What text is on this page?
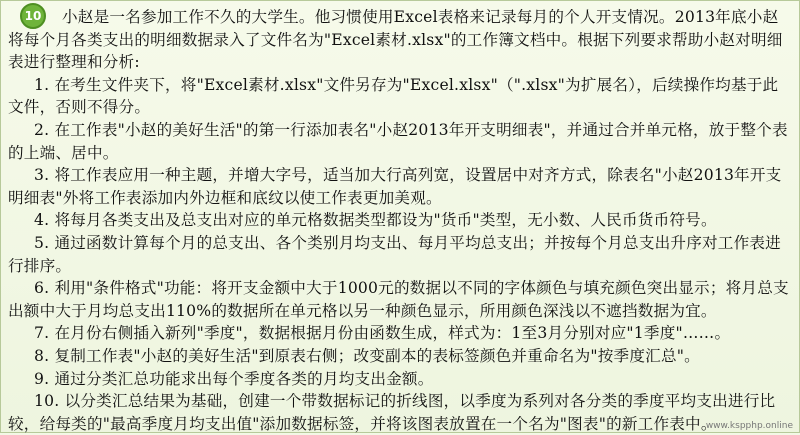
10	小赵是一名参加工作不久的大学生。他习惯使用Excel表格来记录每月的个人开支情况。2013年底小赵将每个月各类支出的明细数据录入了文件名为"Excel素材.xlsx"的工作簿文档中。根据下列要求帮助小赵对明细表进行整理和分析:

1. 在考生文件夹下，将"Excel素材.xlsx"文件另存为"Excel.xlsx"（".xlsx"为扩展名），后续操作均基于此文件，否则不得分。

2. 在工作表"小赵的美好生活"的第一行添加表名"小赵2013年开支明细表"，并通过合并单元格，放于整个表的上端、居中。

3. 将工作表应用一种主题，并增大字号，适当加大行高列宽，设置居中对齐方式，除表名"小赵2013年开支明细表"外将工作表添加内外边框和底纹以使工作表更加美观。

4. 将每月各类支出及总支出对应的单元格数据类型都设为"货币"类型，无小数、人民币货币符号。

5. 通过函数计算每个月的总支出、各个类别月均支出、每月平均总支出；并按每个月总支出升序对工作表进行排序。

6. 利用"条件格式"功能：将开支金额中大于1000元的数据以不同的字体颜色与填充颜色突出显示；将月总支出额中大于月均总支出110%的数据所在单元格以另一种颜色显示，所用颜色深浅以不遮挡数据为宜。

7. 在月份右侧插入新列"季度"，数据根据月份由函数生成，样式为：1至3月分别对应"1季度"……。

8. 复制工作表"小赵的美好生活"到原表右侧；改变副本的表标签颜色并重命名为"按季度汇总"。

9. 通过分类汇总功能求出每个季度各类的月均支出金额。

10. 以分类汇总结果为基础，创建一个带数据标记的折线图，以季度为系列对各分类的季度平均支出进行比较，给每类的"最高季度月均支出值"添加数据标签，并将该图表放置在一个名为"图表"的新工作表中。

www.kspphp.online
